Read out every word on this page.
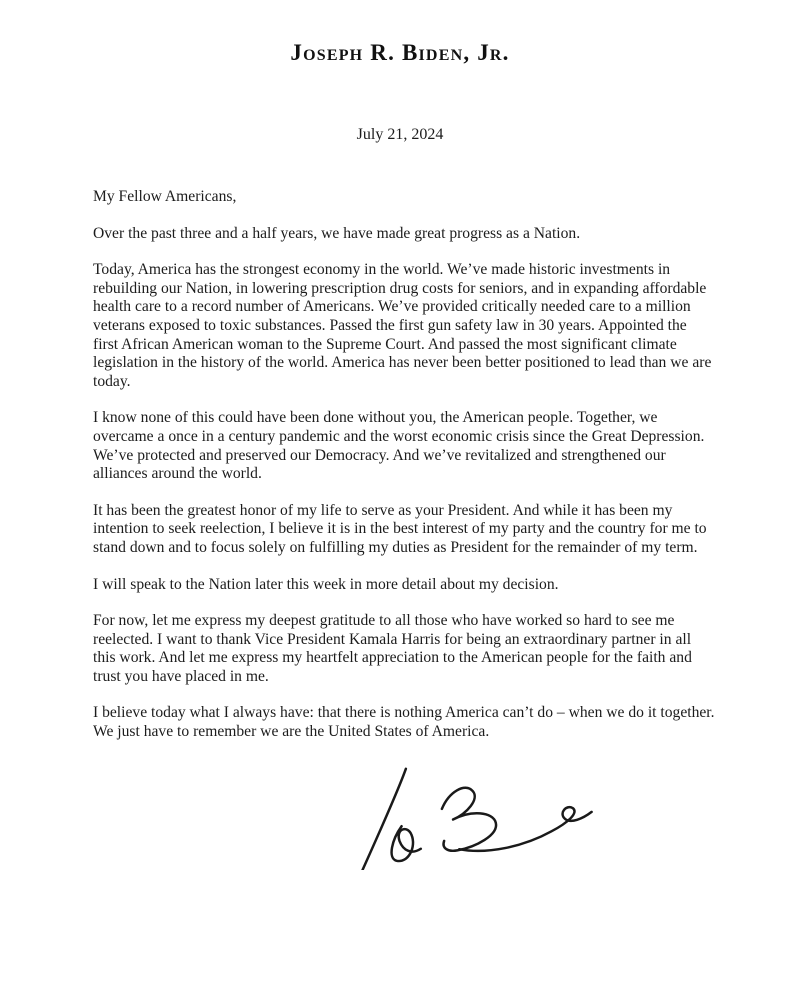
Joseph R. Biden, Jr.
July 21, 2024

My Fellow Americans,

Over the past three and a half years, we have made great progress as a Nation.

Today, America has the strongest economy in the world. We’ve made historic investments in rebuilding our Nation, in lowering prescription drug costs for seniors, and in expanding affordable health care to a record number of Americans. We’ve provided critically needed care to a million veterans exposed to toxic substances. Passed the first gun safety law in 30 years. Appointed the first African American woman to the Supreme Court. And passed the most significant climate legislation in the history of the world. America has never been better positioned to lead than we are today.

I know none of this could have been done without you, the American people. Together, we overcame a once in a century pandemic and the worst economic crisis since the Great Depression. We’ve protected and preserved our Democracy. And we’ve revitalized and strengthened our alliances around the world.

It has been the greatest honor of my life to serve as your President. And while it has been my intention to seek reelection, I believe it is in the best interest of my party and the country for me to stand down and to focus solely on fulfilling my duties as President for the remainder of my term.

I will speak to the Nation later this week in more detail about my decision.

For now, let me express my deepest gratitude to all those who have worked so hard to see me reelected. I want to thank Vice President Kamala Harris for being an extraordinary partner in all this work. And let me express my heartfelt appreciation to the American people for the faith and trust you have placed in me.

I believe today what I always have: that there is nothing America can’t do – when we do it together. We just have to remember we are the United States of America.
